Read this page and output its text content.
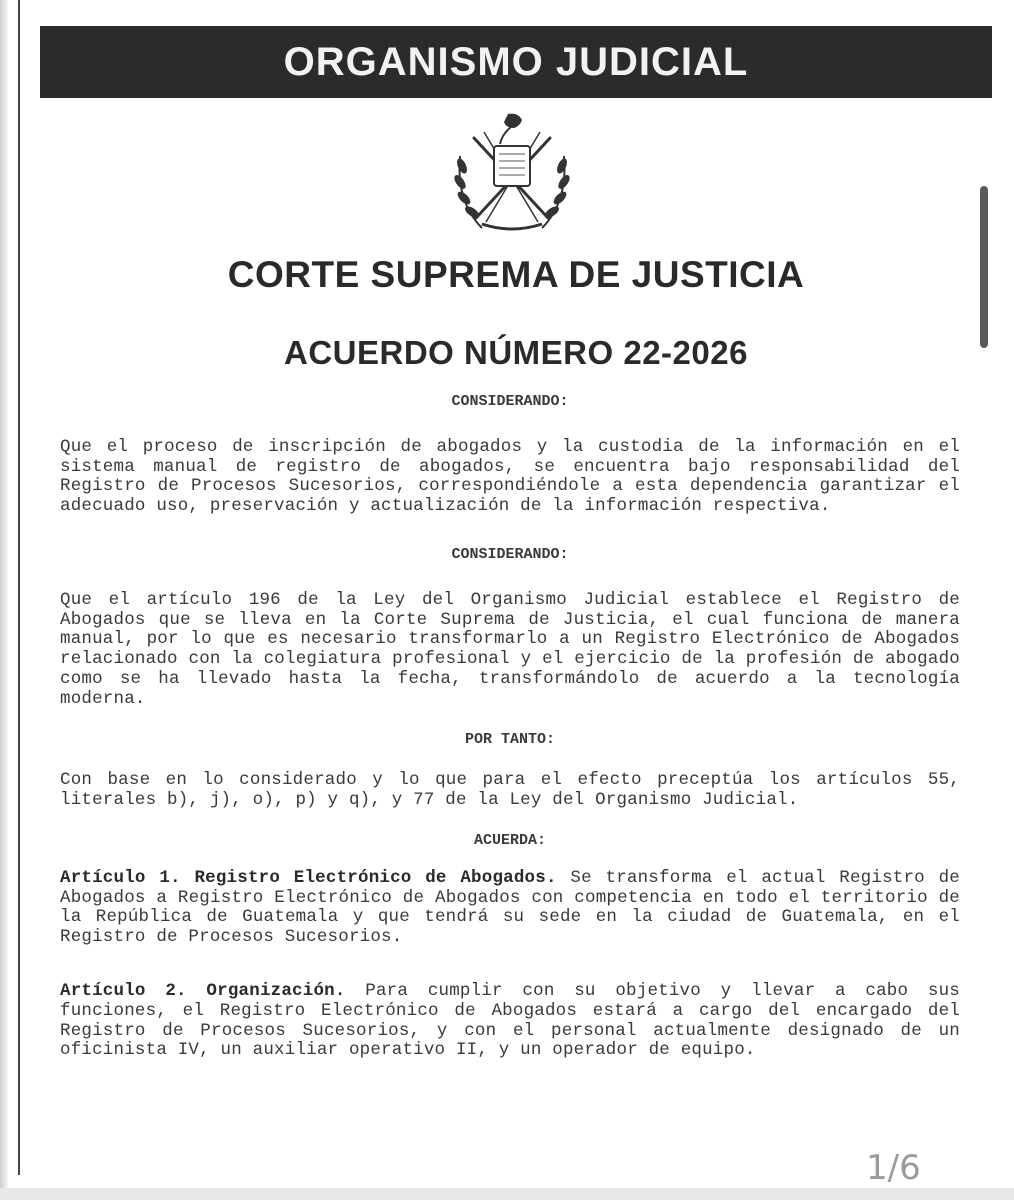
ORGANISMO JUDICIAL
CORTE SUPREMA DE JUSTICIA
ACUERDO NÚMERO 22-2026

CONSIDERANDO:

Que el proceso de inscripción de abogados y la custodia de la información en el sistema manual de registro de abogados, se encuentra bajo responsabilidad del Registro de Procesos Sucesorios, correspondiéndole a esta dependencia garantizar el adecuado uso, preservación y actualización de la información respectiva.

CONSIDERANDO:

Que el artículo 196 de la Ley del Organismo Judicial establece el Registro de Abogados que se lleva en la Corte Suprema de Justicia, el cual funciona de manera manual, por lo que es necesario transformarlo a un Registro Electrónico de Abogados relacionado con la colegiatura profesional y el ejercicio de la profesión de abogado como se ha llevado hasta la fecha, transformándolo de acuerdo a la tecnología moderna.

POR TANTO:

Con base en lo considerado y lo que para el efecto preceptúa los artículos 55, literales b), j), o), p) y q), y 77 de la Ley del Organismo Judicial.

ACUERDA:

Artículo 1. Registro Electrónico de Abogados. Se transforma el actual Registro de Abogados a Registro Electrónico de Abogados con competencia en todo el territorio de la República de Guatemala y que tendrá su sede en la ciudad de Guatemala, en el Registro de Procesos Sucesorios.

Artículo 2. Organización. Para cumplir con su objetivo y llevar a cabo sus funciones, el Registro Electrónico de Abogados estará a cargo del encargado del Registro de Procesos Sucesorios, y con el personal actualmente designado de un oficinista IV, un auxiliar operativo II, y un operador de equipo.

1/6
